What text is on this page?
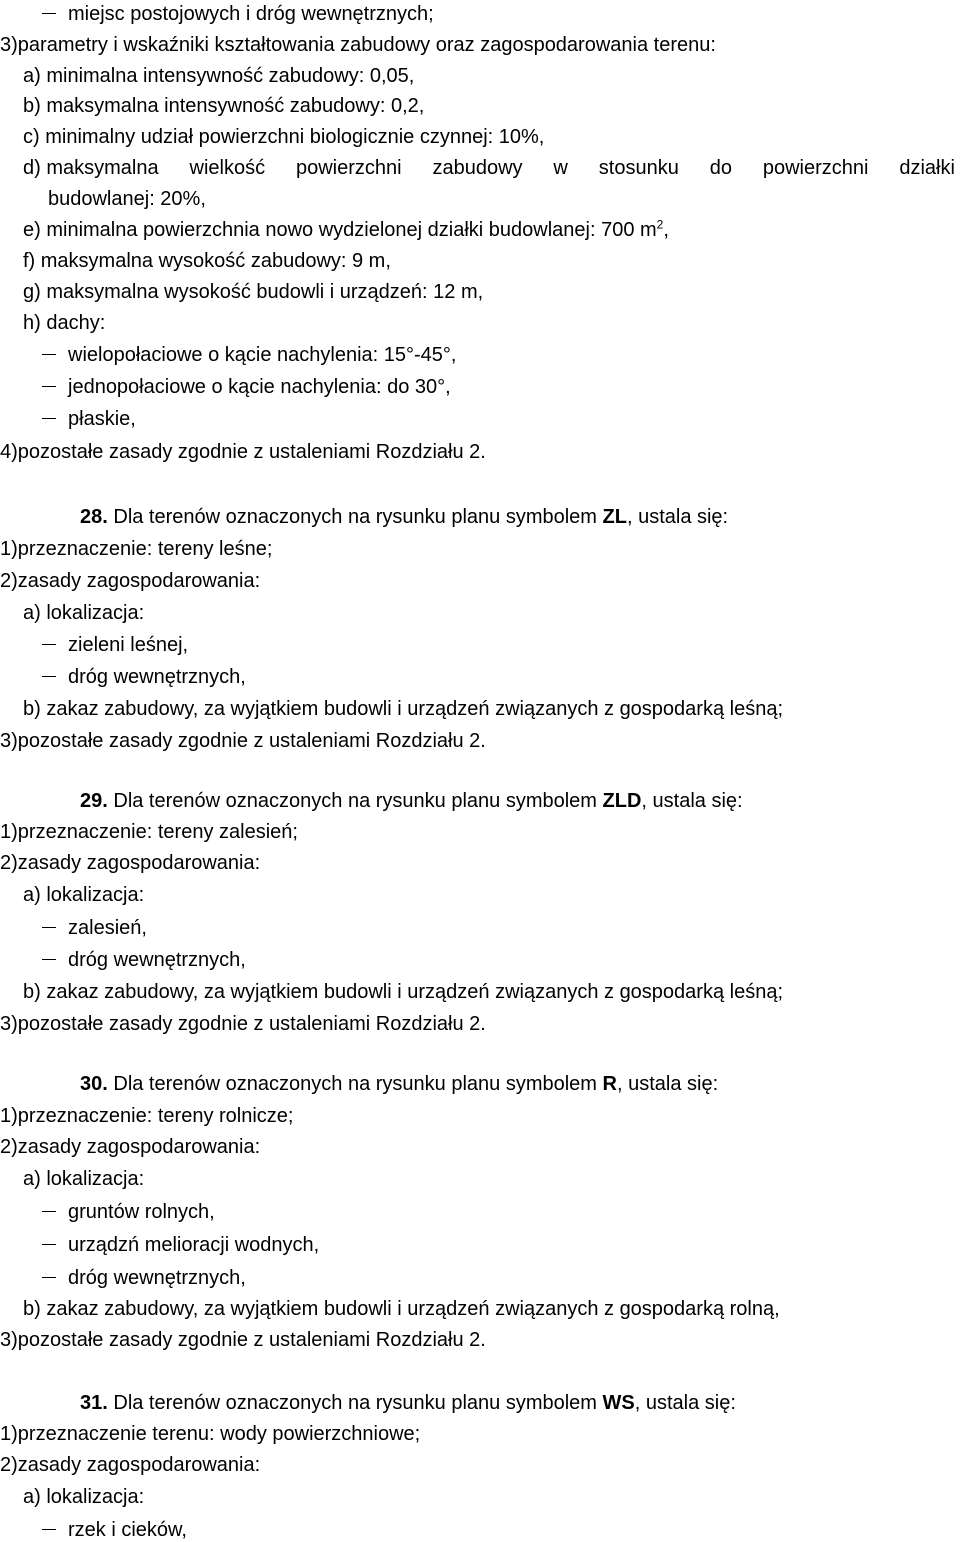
miejsc postojowych i dróg wewnętrznych;
3)parametry i wskaźniki kształtowania zabudowy oraz zagospodarowania terenu:
a) minimalna intensywność zabudowy: 0,05,
b) maksymalna intensywność zabudowy: 0,2,
c) minimalny udział powierzchni biologicznie czynnej: 10%,
d) maksymalna wielkość powierzchni zabudowy w stosunku do powierzchni działki
budowlanej: 20%,
e) minimalna powierzchnia nowo wydzielonej działki budowlanej: 700 $m^2$,
f) maksymalna wysokość zabudowy: 9 m,
g) maksymalna wysokość budowli i urządzeń: 12 m,
h) dachy:
wielopołaciowe o kącie nachylenia: 15°-45°,
jednopołaciowe o kącie nachylenia: do 30°,
płaskie,
4)pozostałe zasady zgodnie z ustaleniami Rozdziału 2.
28. Dla terenów oznaczonych na rysunku planu symbolem ZL, ustala się:
1)przeznaczenie: tereny leśne;
2)zasady zagospodarowania:
a) lokalizacja:
zieleni leśnej,
dróg wewnętrznych,
b) zakaz zabudowy, za wyjątkiem budowli i urządzeń związanych z gospodarką leśną;
3)pozostałe zasady zgodnie z ustaleniami Rozdziału 2.
29. Dla terenów oznaczonych na rysunku planu symbolem ZLD, ustala się:
1)przeznaczenie: tereny zalesień;
2)zasady zagospodarowania:
a) lokalizacja:
zalesień,
dróg wewnętrznych,
b) zakaz zabudowy, za wyjątkiem budowli i urządzeń związanych z gospodarką leśną;
3)pozostałe zasady zgodnie z ustaleniami Rozdziału 2.
30. Dla terenów oznaczonych na rysunku planu symbolem R, ustala się:
1)przeznaczenie: tereny rolnicze;
2)zasady zagospodarowania:
a) lokalizacja:
gruntów rolnych,
urządzń melioracji wodnych,
dróg wewnętrznych,
b) zakaz zabudowy, za wyjątkiem budowli i urządzeń związanych z gospodarką rolną,
3)pozostałe zasady zgodnie z ustaleniami Rozdziału 2.
31. Dla terenów oznaczonych na rysunku planu symbolem WS, ustala się:
1)przeznaczenie terenu: wody powierzchniowe;
2)zasady zagospodarowania:
a) lokalizacja:
rzek i cieków,
